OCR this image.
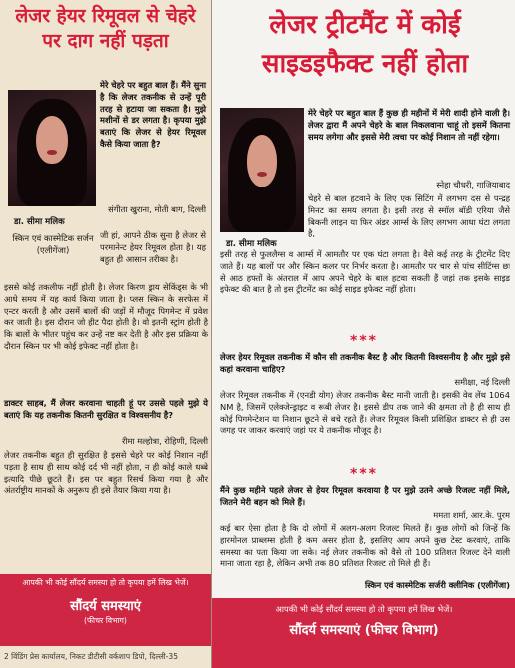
लेजर हेयर रिमूवल से चेहरे पर दाग नहीं पड़ता
डा. सीमा मलिक
स्किन एवं कास्मेटिक सर्जन (एलीगेंजा)
मेरे चेहरे पर बहुत बाल हैं। मैंने सुना है कि लेजर तकनीक से उन्हें पूरी तरह से हटाया जा सकता है। मुझे मशीनों से डर लगता है। कृपया मुझे बताएं कि लेजर से हेयर रिमूवल कैसे किया जाता है?
संगीता खुराना, मोती बाग, दिल्ली
जी हां, आपने ठीक सुना है लेजर से परमानेन्ट हेयर रिमूवल होता है। यह बहुत ही आसान तरीका है।
इससे कोई तकलीफ नहीं होती है। लेजर किरण ड्राय सेकिंड्स के भी आधे समय में यह कार्य किया जाता है। प्लस स्किन के सरफेस में एन्टर करती है और उसमें बालों की जड़ों में मौजूद पिगमेन्ट में प्रवेश कर जाती है। इस दौरान जो हीट पैदा होती है। वो इतनी स्ट्रांग होती है कि बालों के भीतर पहुंच कर उन्हें नष्ट कर देती है और इस प्रक्रिया के दौरान स्किन पर भी कोई इफेक्ट नहीं होता है।
डाक्टर साहब, मैं लेजर करवाना चाहती हूं पर उससे पहले मुझे ये बताएं कि यह तकनीक कितनी सुरक्षित व विश्वसनीय है?
रीमा मल्होत्रा, रोहिणी, दिल्ली
लेजर तकनीक बहुत ही सुरक्षित है इससे चेहरे पर कोई निशान नहीं पड़ता है साथ ही साथ कोई दर्द भी नहीं होता, न ही कोई काले धब्बे इत्यादि पीछे छूटते हैं। इस पर बहुत रिसर्च किया गया है और अंतर्राष्ट्रीय मानकों के अनुरूप ही इसे तैयार किया गया है।
आपकी भी कोई सौंदर्य समस्या हो तो कृपया हमें लिख भेजें।
सौंदर्य समस्याएं
(फीचर विभाग)
2 विंडिंग प्रेस कार्यालय, निकट डीटीसी वर्कशाप डिपो, दिल्ली-35
लेजर ट्रीटमैंट में कोई साइडइफैक्ट नहीं होता
डा. सीमा मलिक
मेरे चेहरे पर बहुत बाल हैं कुछ ही महीनों में मेरी शादी होने वाली है। लेजर द्वारा मैं अपने चेहरे के बाल निकलवाना चाहूं तो इसमें कितना समय लगेगा और इससे मेरी त्वचा पर कोई निशान तो नहीं रहेगा।
स्नेहा चौधरी, गाजियाबाद
चेहरे से बाल हटवाने के लिए एक सिटिंग में लगभग दस से पन्द्रह मिनट का समय लगता है। इसी तरह से स्मॉल बॉडी एरिया जैसे बिकनी लाइन या फिर अंडर आर्म्स के लिए लगभग आधा घंटा लगता है,
इसी तरह से फुललैग्स व आर्म्स में आमतौर पर एक घंटा लगता है। वैसे कई तरह के ट्रीटमेंट दिए जाते हैं। यह बालों पर और स्किन कलर पर निर्भर करता है। आमतौर पर चार से पांच सीटिंग्स छः से आठ हफ्तों के अंतराल में आप अपने चेहरे के बाल हटवा सकती हैं जहां तक इसके साइड इफेक्ट की बात है तो इस ट्रीटमेंट का कोई साइड इफेक्ट नहीं होता।
***
लेजर हेयर रिमूवल तकनीक में कौन सी तकनीक बैस्ट है और कितनी विश्वसनीय है और मुझे इसे कहां करवाना चाहिए?
समीक्षा, नई दिल्ली
लेजर रिमूवल तकनीक में (एनडी योग) लेजर तकनीक बैस्ट मानी जाती है। इसकी वेव लेंथ 1064 NM है, जिसमें एलेक्जेन्ड्राइट व रूबी लेजर है। इससे डीप तक जाने की क्षमता तो है ही साथ ही कोई पिगमेन्टेशन या निशान छूटने से बचे रहते हैं। लेजर रिमूवल किसी प्रशिक्षित डाक्टर से ही उस जगह पर जाकर करवाएं जहां पर ये तकनीक मौजूद है।
***
मैंने कुछ महीने पहले लेजर से हेयर रिमूवल करवाया है पर मुझे उतने अच्छे रिजल्ट नहीं मिले, जितने मेरी बहन को मिले हैं।
ममता शर्मा, आर.के. पुरम
कई बार ऐसा होता है कि दो लोगों में अलग-अलग रिजल्ट मिलते हैं। कुछ लोगों को जिन्हें कि हारमोनल प्राब्लम्स होती है कम असर होता है, इसलिए आप अपने कुछ टेस्ट करवाएं, ताकि समस्या का पता किया जा सके। नई लेजर तकनीक को वैसे तो 100 प्रतिशत रिजल्ट देने वाली माना जाता रहा है, लेकिन अभी तक 80 प्रतिशत रिजल्ट तो मिले ही हैं।
स्किन एवं कास्मेटिक सर्जरी क्लीनिक (एलीगेंजा)
आपकी भी कोई सौंदर्य समस्या हो तो कृपया हमें लिख भेजें।
सौंदर्य समस्याएं (फीचर विभाग)
